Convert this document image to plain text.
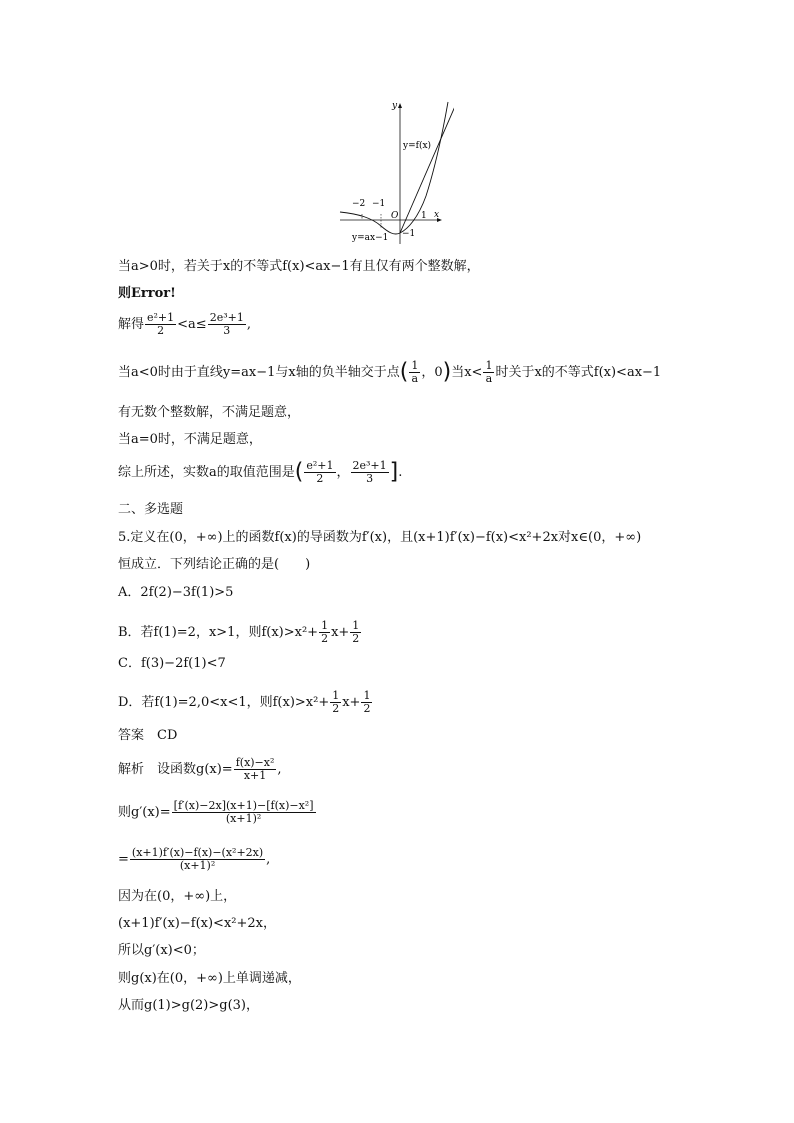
y
x
O
−2 −1
1
−1
y=f(x)
y=ax−1
当a>0时，若关于x的不等式f(x)<ax−1有且仅有两个整数解，
则Error!
解得 $\frac{\text{e²+1}}{2} <a\le \frac{\text{2e³+1}}{3}$ ,
当a<0时由于直线y=ax−1与x轴的负半轴交于点( $\frac{1}{a}$ ，0)当$x< \frac{1}{a}$ 时关于x的不等式f(x)<ax−1
有无数个整数解，不满足题意，
当a=0时，不满足题意，
综上所述，实数a的取值范围是( $\frac{\text{e²+1}}{2}$ ， $\frac{\text{2e³+1}}{3}$ ].
二、多选题
5.定义在(0，+∞)上的函数f(x)的导函数为f′(x)，且(x+1)f′(x)−f(x)<x²+2x对x∈(0，+∞)
恒成立．下列结论正确的是(　　)
A．2f(2)−3f(1)>5
B．若f(1)=2，x>1，则$f(x)>x^2+ \frac{1}{2} x+ \frac{1}{2}$
C．f(3)−2f(1)<7
D．若f(1)=2,0<x<1，则$f(x)>x^2+ \frac{1}{2} x+ \frac{1}{2}$
答案　CD
解析　设函数$g(x)= \frac{\text{f(x)−x²}}{x+1}$ ,
则$g'(x)= \frac{\text{[f′(x)−2x](x+1)−[f(x)−x²]}}{\text{(x+1)²}}$
= $\frac{\text{(x+1)f′(x)−f(x)−(x²+2x)}}{\text{(x+1)²}}$ ,
因为在(0，+∞)上，
(x+1)f′(x)−f(x)<x²+2x，
所以g′(x)<0；
则g(x)在(0，+∞)上单调递减，
从而g(1)>g(2)>g(3)，
